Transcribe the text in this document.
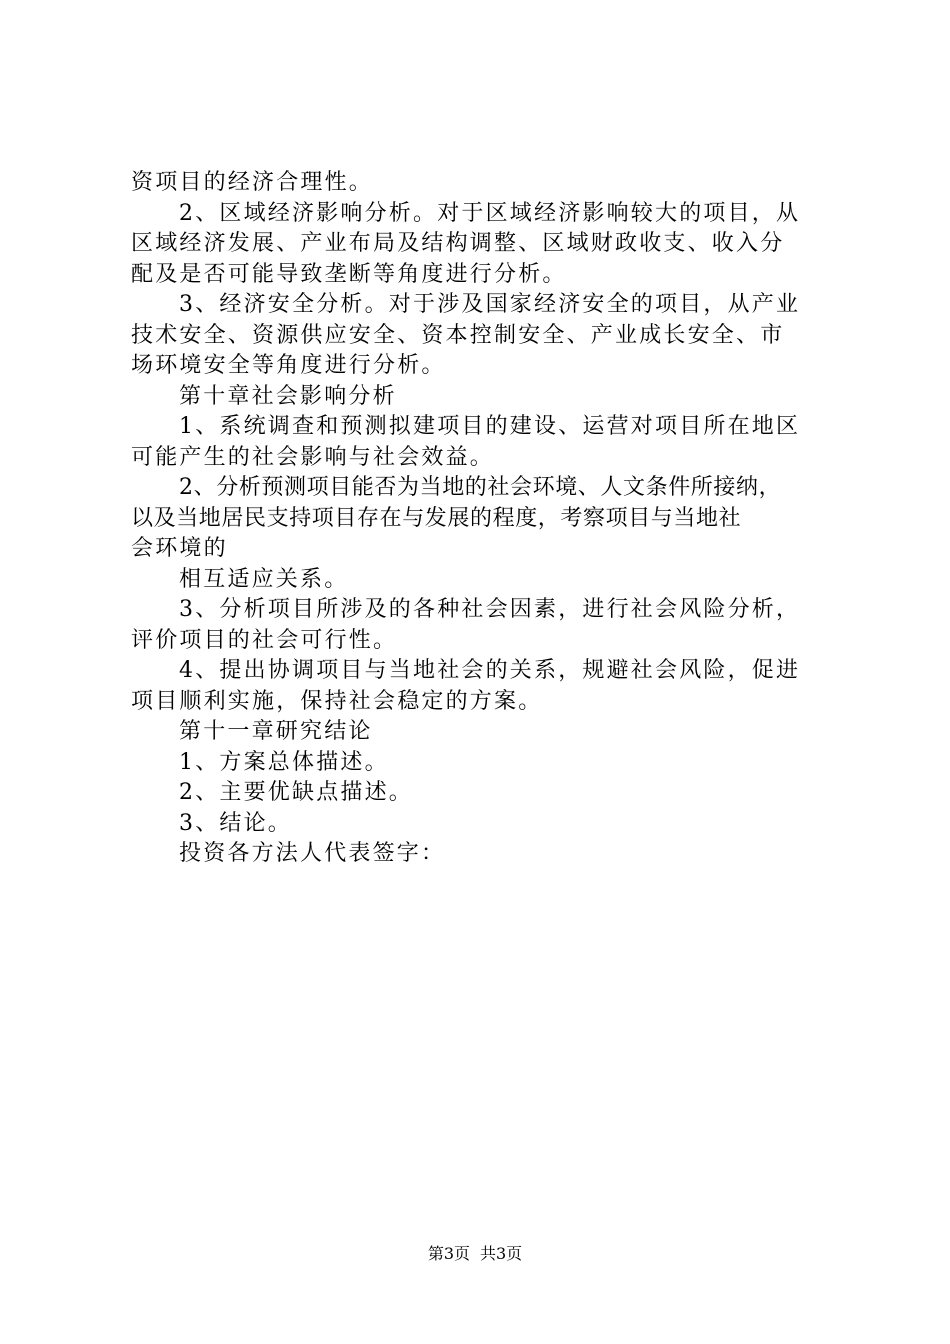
资项目的经济合理性。
2、区域经济影响分析。对于区域经济影响较大的项目，从
区域经济发展、产业布局及结构调整、区域财政收支、收入分
配及是否可能导致垄断等角度进行分析。
3、经济安全分析。对于涉及国家经济安全的项目，从产业
技术安全、资源供应安全、资本控制安全、产业成长安全、市
场环境安全等角度进行分析。
第十章社会影响分析
1、系统调查和预测拟建项目的建设、运营对项目所在地区
可能产生的社会影响与社会效益。
2、分析预测项目能否为当地的社会环境、人文条件所接纳，
以及当地居民支持项目存在与发展的程度，考察项目与当地社
会环境的
相互适应关系。
3、分析项目所涉及的各种社会因素，进行社会风险分析，
评价项目的社会可行性。
4、提出协调项目与当地社会的关系，规避社会风险，促进
项目顺利实施，保持社会稳定的方案。
第十一章研究结论
1、方案总体描述。
2、主要优缺点描述。
3、结论。
投资各方法人代表签字：
第3页 共3页
